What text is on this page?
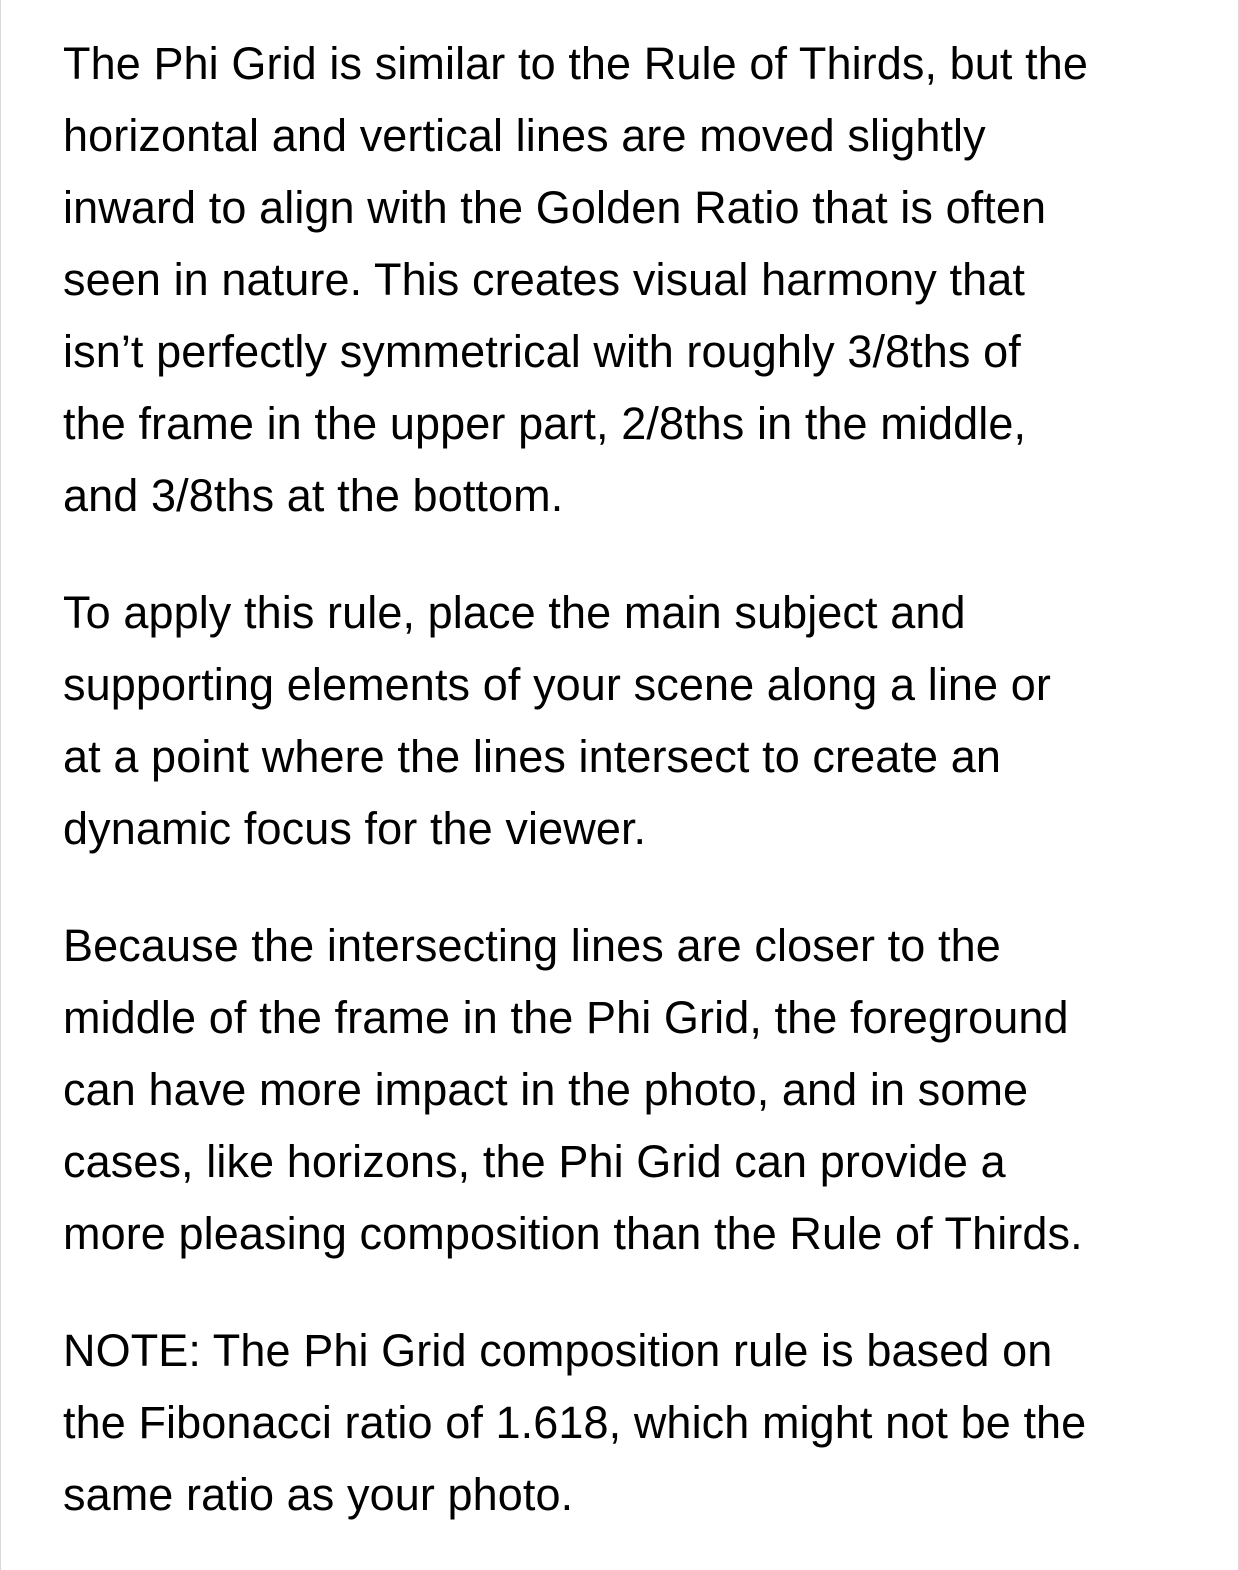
The Phi Grid is similar to the Rule of Thirds, but the
horizontal and vertical lines are moved slightly
inward to align with the Golden Ratio that is often
seen in nature. This creates visual harmony that
isn’t perfectly symmetrical with roughly 3/8ths of
the frame in the upper part, 2/8ths in the middle,
and 3/8ths at the bottom.

To apply this rule, place the main subject and
supporting elements of your scene along a line or
at a point where the lines intersect to create an
dynamic focus for the viewer.

Because the intersecting lines are closer to the
middle of the frame in the Phi Grid, the foreground
can have more impact in the photo, and in some
cases, like horizons, the Phi Grid can provide a
more pleasing composition than the Rule of Thirds.

NOTE: The Phi Grid composition rule is based on
the Fibonacci ratio of 1.618, which might not be the
same ratio as your photo.
